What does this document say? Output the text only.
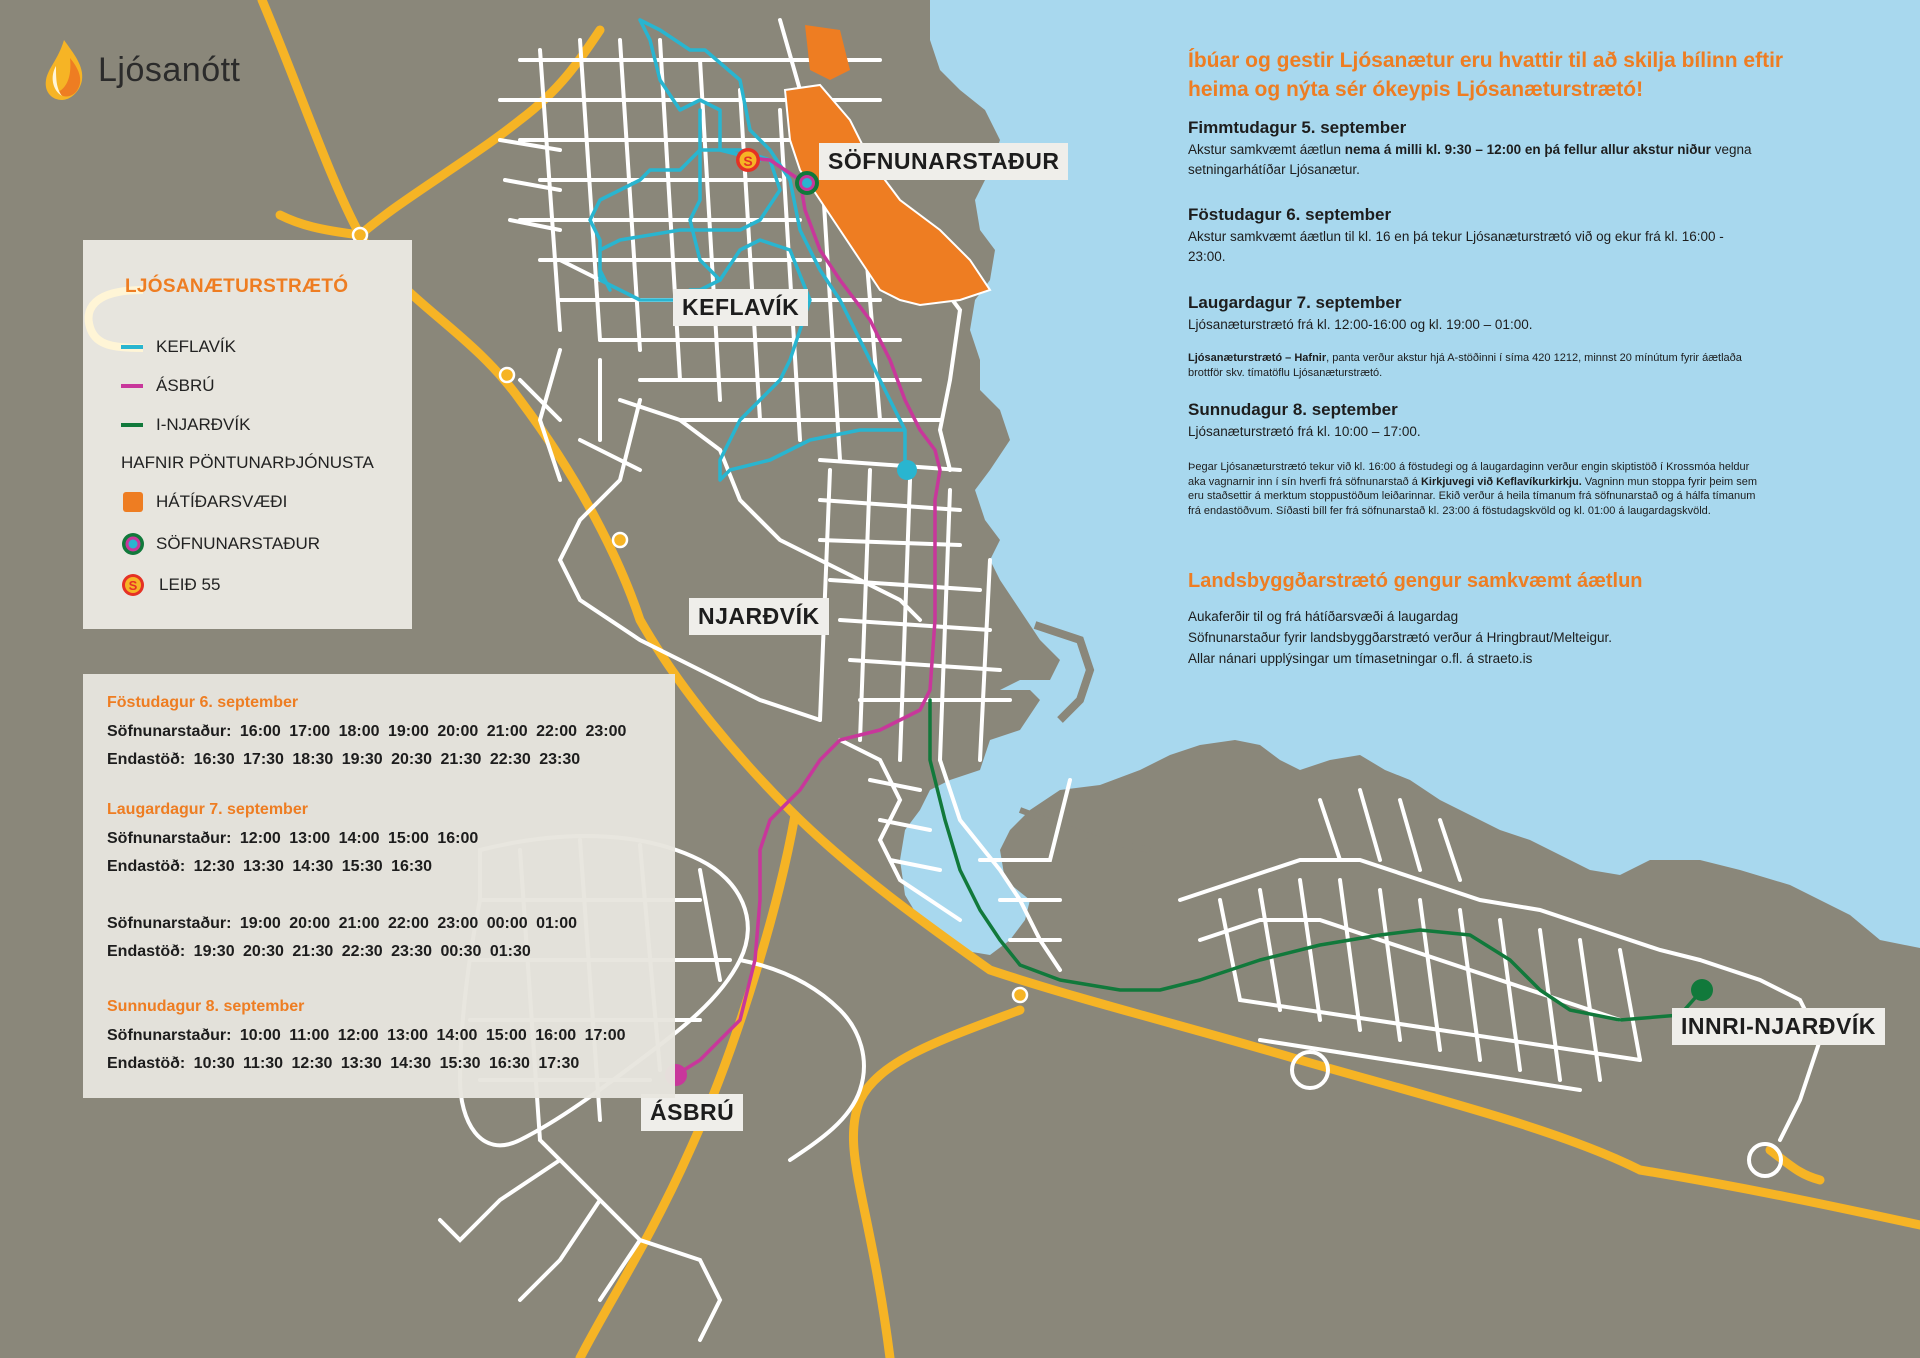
S
Ljósanótt
SÖFNUNARSTAÐUR
KEFLAVÍK
NJARÐVÍK
ÁSBRÚ
INNRI-NJARÐVÍK
LJÓSANÆTURSTRÆTÓ
KEFLAVÍK
ÁSBRÚ
I-NJARÐVÍK
HAFNIR PÖNTUNARÞJÓNUSTA
HÁTÍÐARSVÆÐI
SÖFNUNARSTAÐUR
S LEIÐ 55
Föstudagur 6. september
Söfnunarstaður: 16:00 17:00 18:00 19:00 20:00 21:00 22:00 23:00
Endastöð: 16:30 17:30 18:30 19:30 20:30 21:30 22:30 23:30
Laugardagur 7. september
Söfnunarstaður: 12:00 13:00 14:00 15:00 16:00
Endastöð: 12:30 13:30 14:30 15:30 16:30
Söfnunarstaður: 19:00 20:00 21:00 22:00 23:00 00:00 01:00
Endastöð: 19:30 20:30 21:30 22:30 23:30 00:30 01:30
Sunnudagur 8. september
Söfnunarstaður: 10:00 11:00 12:00 13:00 14:00 15:00 16:00 17:00
Endastöð: 10:30 11:30 12:30 13:30 14:30 15:30 16:30 17:30
Íbúar og gestir Ljósanætur eru hvattir til að skilja bílinn eftir heima og nýta sér ókeypis Ljósanæturstrætó!
Fimmtudagur 5. september
Akstur samkvæmt áætlun nema á milli kl. 9:30 – 12:00 en þá fellur allur akstur niður vegna setningarhátíðar Ljósanætur.
Föstudagur 6. september
Akstur samkvæmt áætlun til kl. 16 en þá tekur Ljósanæturstrætó við og ekur frá kl. 16:00 - 23:00.
Laugardagur 7. september
Ljósanæturstrætó frá kl. 12:00-16:00 og kl. 19:00 – 01:00.
Ljósanæturstrætó – Hafnir, panta verður akstur hjá A-stöðinni í síma 420 1212, minnst 20 mínútum fyrir áætlaða brottför skv. tímatöflu Ljósanæturstrætó.
Sunnudagur 8. september
Ljósanæturstrætó frá kl. 10:00 – 17:00.
Þegar Ljósanæturstrætó tekur við kl. 16:00 á föstudegi og á laugardaginn verður engin skiptistöð í Krossmóa heldur aka vagnarnir inn í sín hverfi frá söfnunarstað á Kirkjuvegi við Keflavíkurkirkju. Vagninn mun stoppa fyrir þeim sem eru staðsettir á merktum stoppustöðum leiðarinnar. Ekið verður á heila tímanum frá söfnunarstað og á hálfa tímanum frá endastöðvum. Síðasti bíll fer frá söfnunarstað kl. 23:00 á föstudagskvöld og kl. 01:00 á laugardagskvöld.
Landsbyggðarstrætó gengur samkvæmt áætlun
Aukaferðir til og frá hátíðarsvæði á laugardag
Söfnunarstaður fyrir landsbyggðarstrætó verður á Hringbraut/Melteigur.
Allar nánari upplýsingar um tímasetningar o.fl. á straeto.is
